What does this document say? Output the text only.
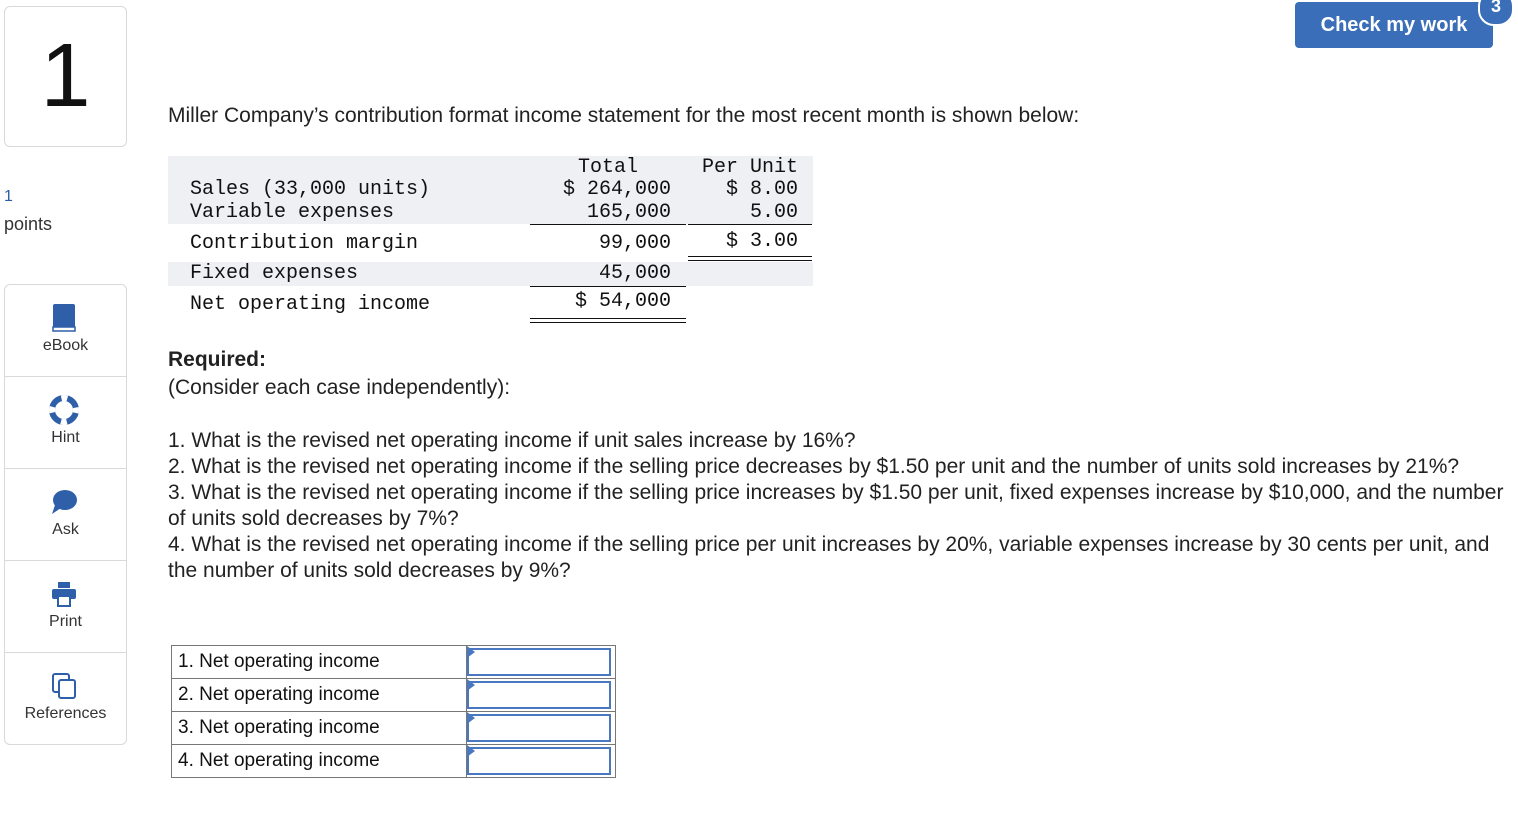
1
1
points
eBook
Hint
Ask
Print
References
Check my work
3
Miller Company’s contribution format income statement for the most recent month is shown below:
Total	Per Unit
Sales (33,000 units)	$ 264,000	$ 8.00
Variable expenses	165,000	5.00
Contribution margin	99,000	$ 3.00
Fixed expenses	45,000
Net operating income	$ 54,000
Required:
(Consider each case independently):
1. What is the revised net operating income if unit sales increase by 16%?
2. What is the revised net operating income if the selling price decreases by $1.50 per unit and the number of units sold increases by 21%?
3. What is the revised net operating income if the selling price increases by $1.50 per unit, fixed expenses increase by $10,000, and the number of units sold decreases by 7%?
4. What is the revised net operating income if the selling price per unit increases by 20%, variable expenses increase by 30 cents per unit, and the number of units sold decreases by 9%?
1. Net operating income	

2. Net operating income	

3. Net operating income	

4. Net operating income	
